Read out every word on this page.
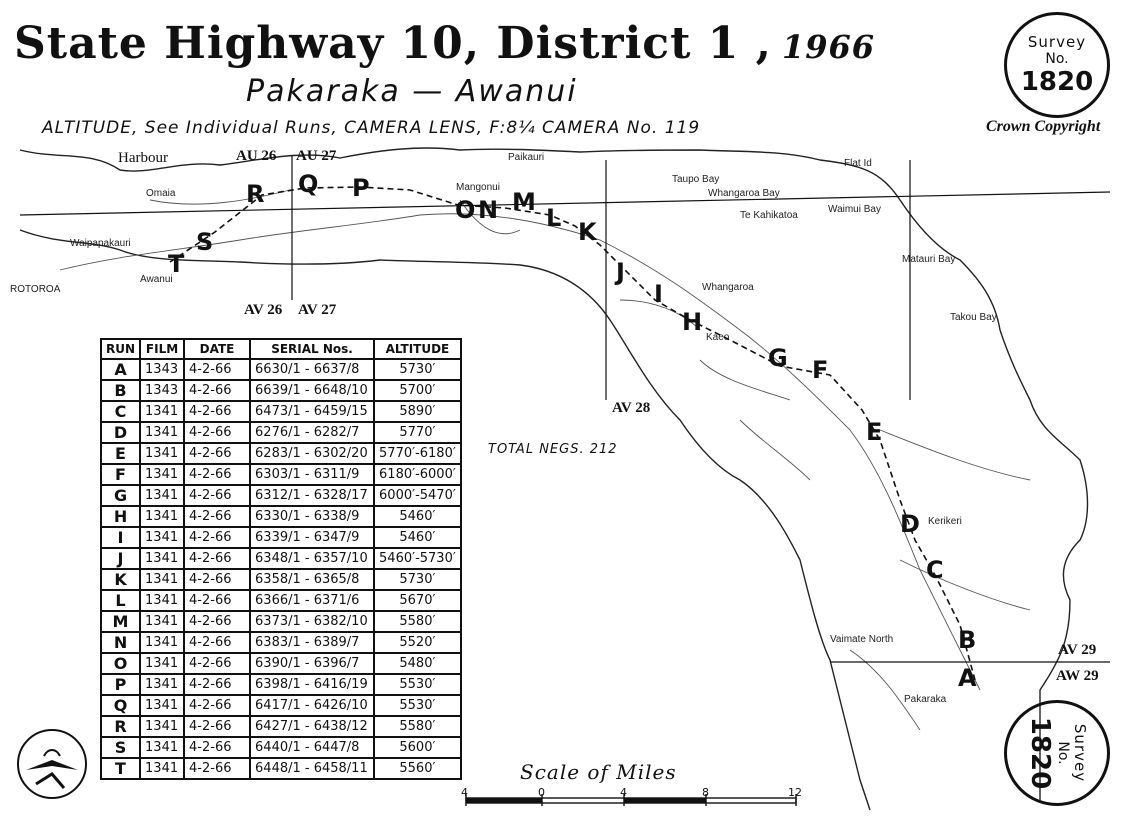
T
S
R Q P
O N M
L K
J
I
H
G F
E
D
C
B
A
AU 26 AU 27
AV 26 AV 27
AV 28
AV 29
AW 29
Harbour
Omaia
Waipapakauri
Awanui
ROTOROA
Paikauri
Mangonui
Taupo Bay
Whangaroa Bay
Te Kahikatoa
Flat Id
Waimui Bay
Matauri Bay
Takou Bay
Whangaroa
Kaeo
Kerikeri
Vaimate North
Pakaraka
State Highway 10, District 1 , 1966
Pakaraka — Awanui
ALTITUDE, See Individual Runs, CAMERA LENS, F:8¼ CAMERA No. 119	Crown Copyright
Survey
No.
1820
Survey
No.
1820
RUN	FILM	DATE	SERIAL Nos.	ALTITUDE
A	1343	4-2-66	6630/1 - 6637/8	5730′
B	1343	4-2-66	6639/1 - 6648/10	5700′
C	1341	4-2-66	6473/1 - 6459/15	5890′
D	1341	4-2-66	6276/1 - 6282/7	5770′
E	1341	4-2-66	6283/1 - 6302/20	5770′-6180′
F	1341	4-2-66	6303/1 - 6311/9	6180′-6000′
G	1341	4-2-66	6312/1 - 6328/17	6000′-5470′
H	1341	4-2-66	6330/1 - 6338/9	5460′
I	1341	4-2-66	6339/1 - 6347/9	5460′
J	1341	4-2-66	6348/1 - 6357/10	5460′-5730′
K	1341	4-2-66	6358/1 - 6365/8	5730′
L	1341	4-2-66	6366/1 - 6371/6	5670′
M	1341	4-2-66	6373/1 - 6382/10	5580′
N	1341	4-2-66	6383/1 - 6389/7	5520′
O	1341	4-2-66	6390/1 - 6396/7	5480′
P	1341	4-2-66	6398/1 - 6416/19	5530′
Q	1341	4-2-66	6417/1 - 6426/10	5530′
R	1341	4-2-66	6427/1 - 6438/12	5580′
S	1341	4-2-66	6440/1 - 6447/8	5600′
T	1341	4-2-66	6448/1 - 6458/11	5560′
TOTAL NEGS. 212
Scale of Miles
4	0	4	8	12
